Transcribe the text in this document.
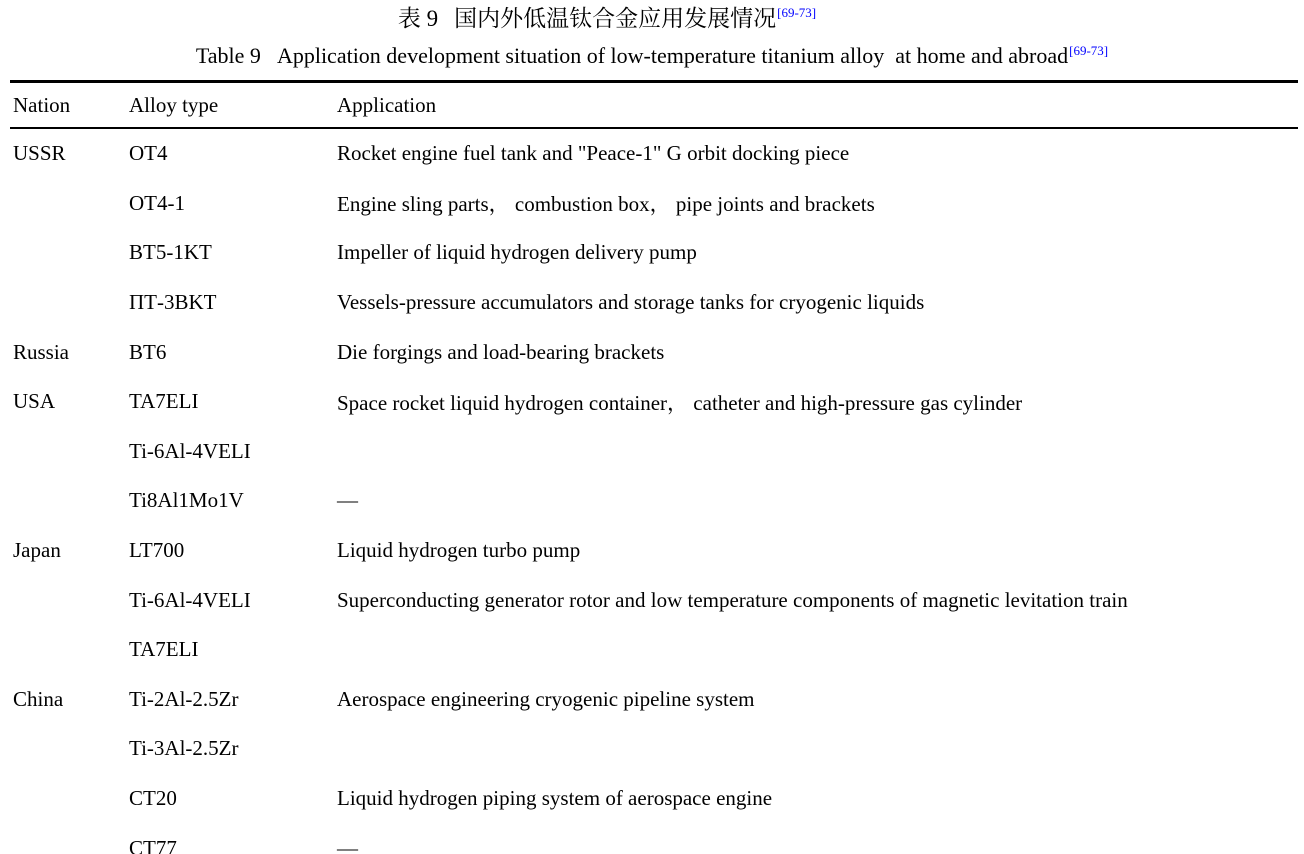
表 9 国内外低温钛合金应用发展情况[69-73]
Table 9 Application development situation of low-temperature titanium alloy  at home and abroad[69-73]
Nation	Alloy type	Application
USSR	OT4	Rocket engine fuel tank and "Peace-1" G orbit docking piece
	OT4-1	Engine sling parts， combustion box， pipe joints and brackets
	BT5-1KT	Impeller of liquid hydrogen delivery pump
	ПТ-3BKT	Vessels-pressure accumulators and storage tanks for cryogenic liquids
Russia	BT6	Die forgings and load-bearing brackets
USA	TA7ELI	Space rocket liquid hydrogen container， catheter and high-pressure gas cylinder
	Ti-6Al-4VELI	
	Ti8Al1Mo1V	—
Japan	LT700	Liquid hydrogen turbo pump
	Ti-6Al-4VELI	Superconducting generator rotor and low temperature components of magnetic levitation train
	TA7ELI	
China	Ti-2Al-2.5Zr	Aerospace engineering cryogenic pipeline system
	Ti-3Al-2.5Zr	
	CT20	Liquid hydrogen piping system of aerospace engine
	CT77	—
